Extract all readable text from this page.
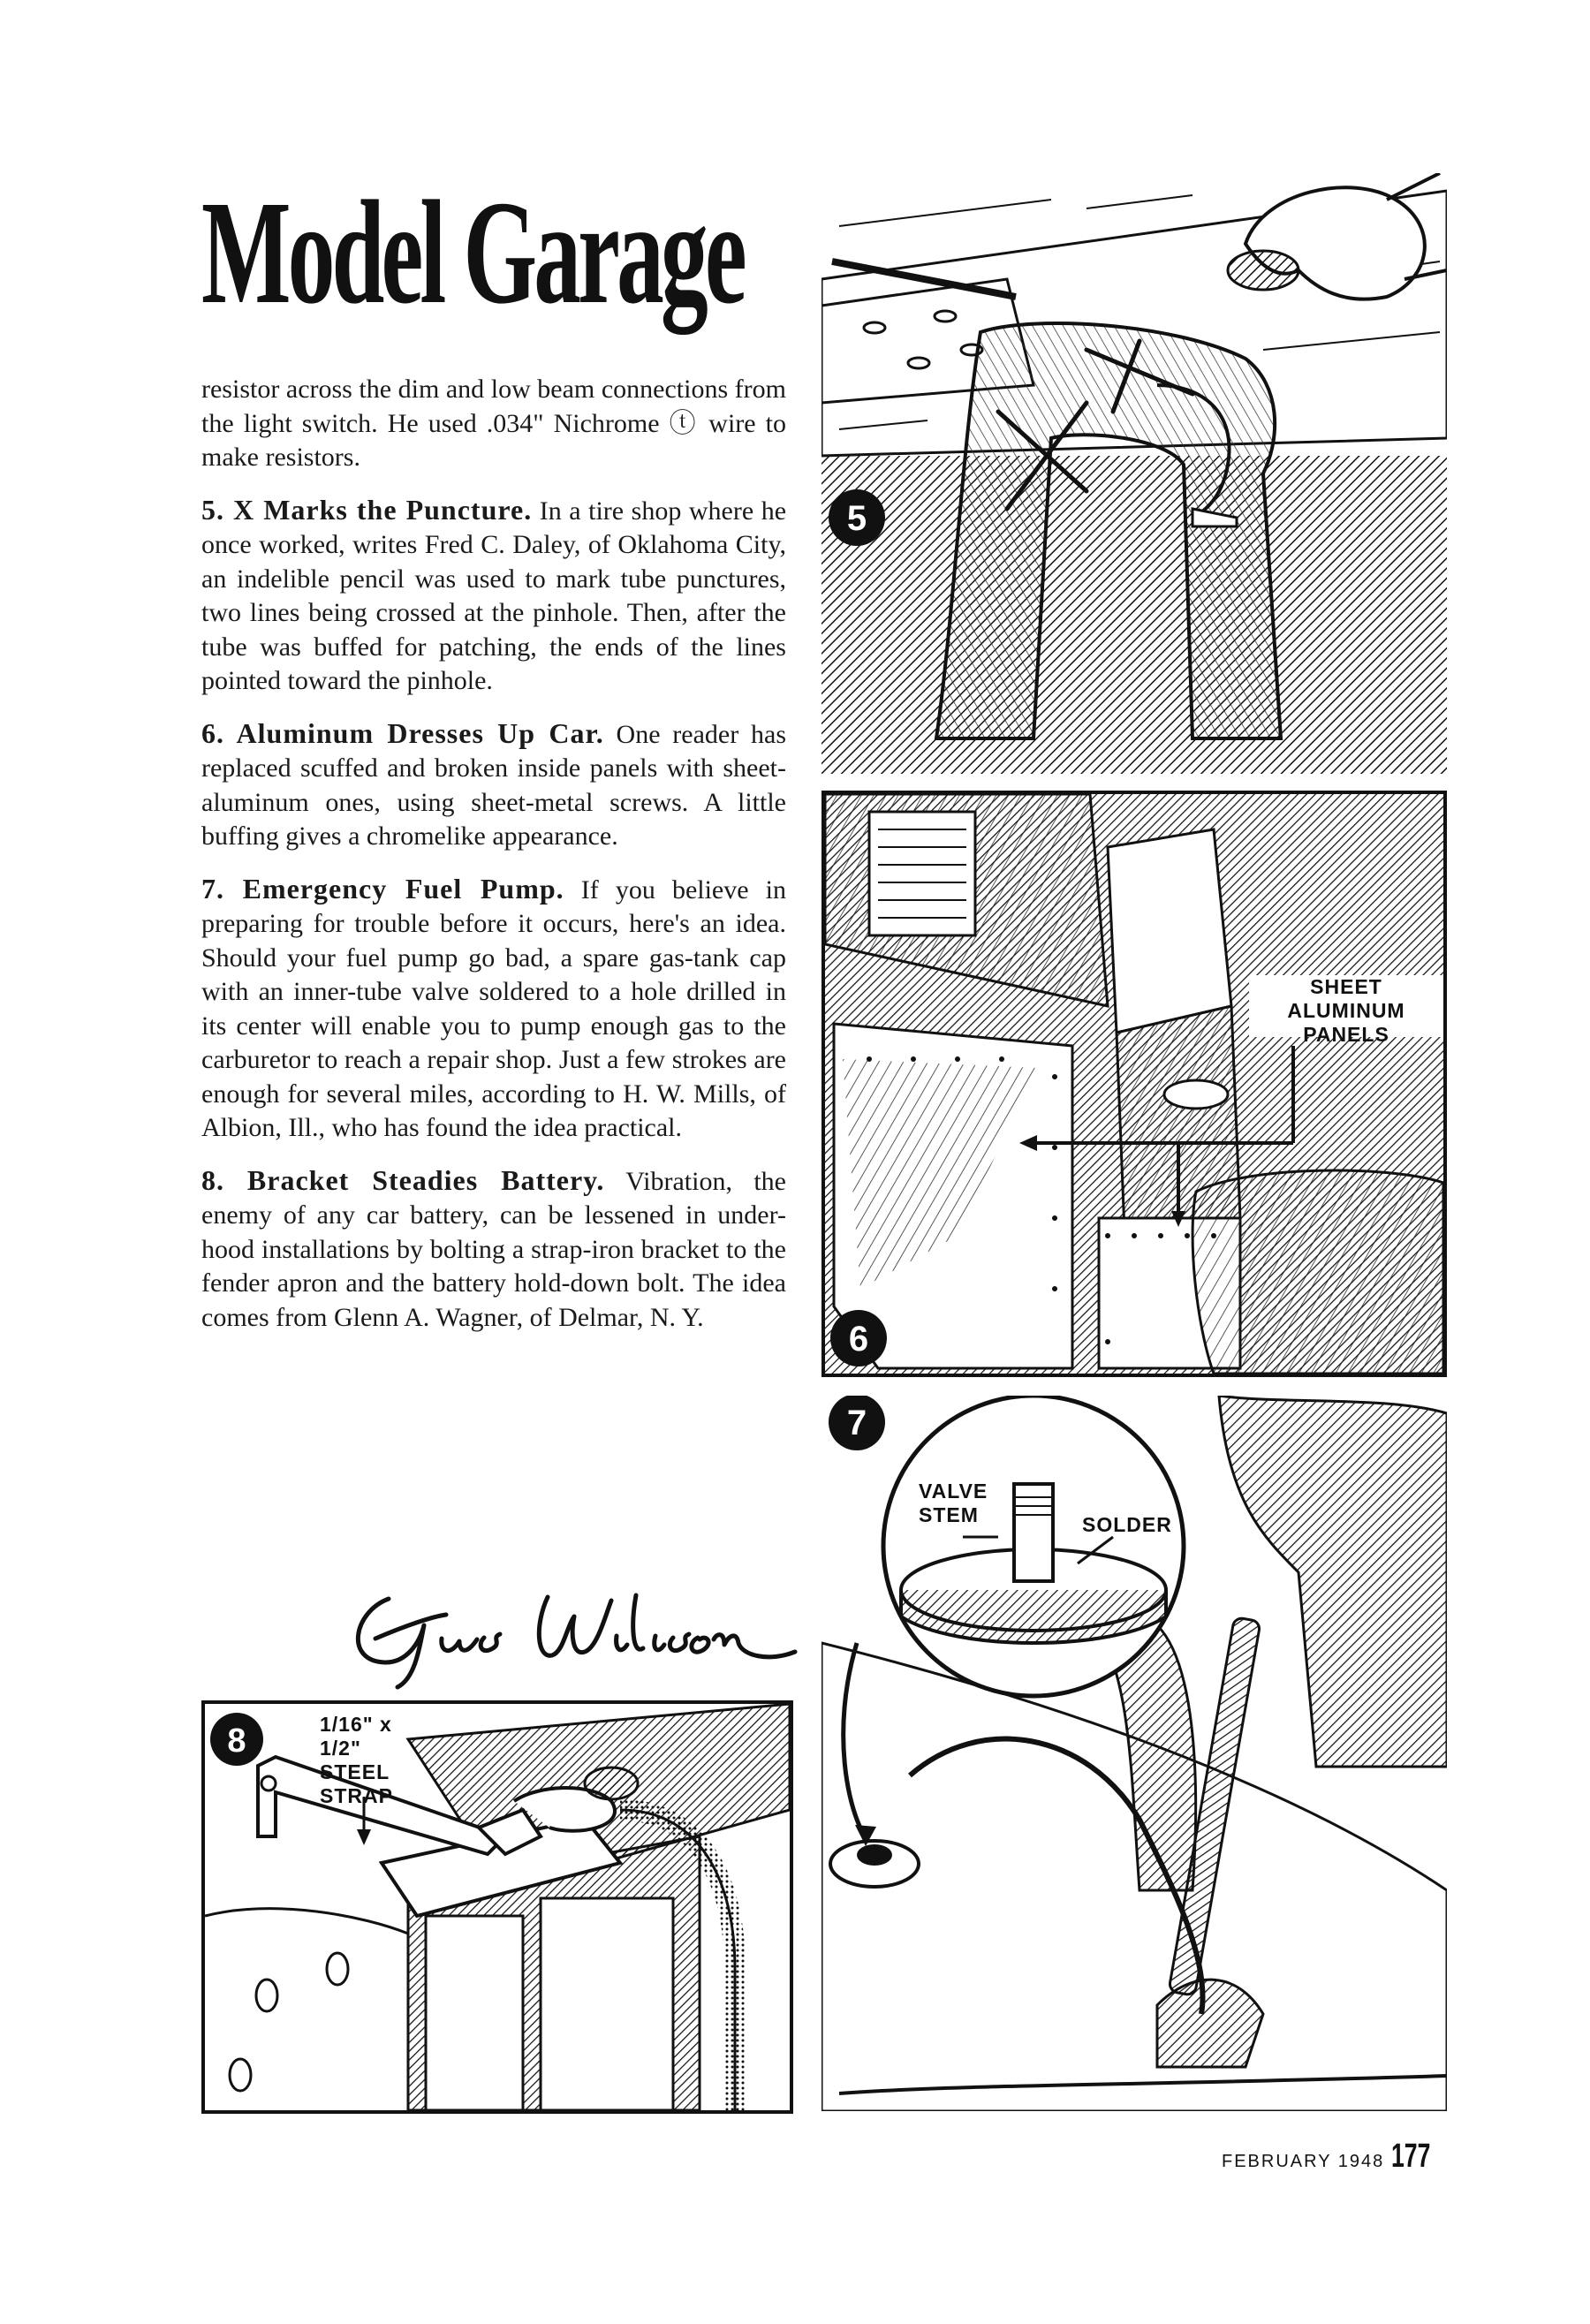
Model Garage

resistor across the dim and low beam connections from the light switch. He used .034" Nichrome ⓣ wire to make resistors.

5. X Marks the Puncture. In a tire shop where he once worked, writes Fred C. Daley, of Oklahoma City, an indelible pencil was used to mark tube punctures, two lines being crossed at the pinhole. Then, after the tube was buffed for patching, the ends of the lines pointed toward the pinhole.

6. Aluminum Dresses Up Car. One reader has replaced scuffed and broken inside panels with sheet-aluminum ones, using sheet-metal screws. A little buffing gives a chromelike appearance.

7. Emergency Fuel Pump. If you believe in preparing for trouble before it occurs, here's an idea. Should your fuel pump go bad, a spare gas-tank cap with an inner-tube valve soldered to a hole drilled in its center will enable you to pump enough gas to the carburetor to reach a repair shop. Just a few strokes are enough for several miles, according to H. W. Mills, of Albion, Ill., who has found the idea practical.

8. Bracket Steadies Battery. Vibration, the enemy of any car battery, can be lessened in under-hood installations by bolting a strap-iron bracket to the fender apron and the battery hold-down bolt. The idea comes from Glenn A. Wagner, of Delmar, N. Y.

5
6
SHEET ALUMINUM PANELS
7
VALVE STEM	SOLDER
8	1/16" x 1/2" STEEL STRAP
FEBRUARY 1948 177
